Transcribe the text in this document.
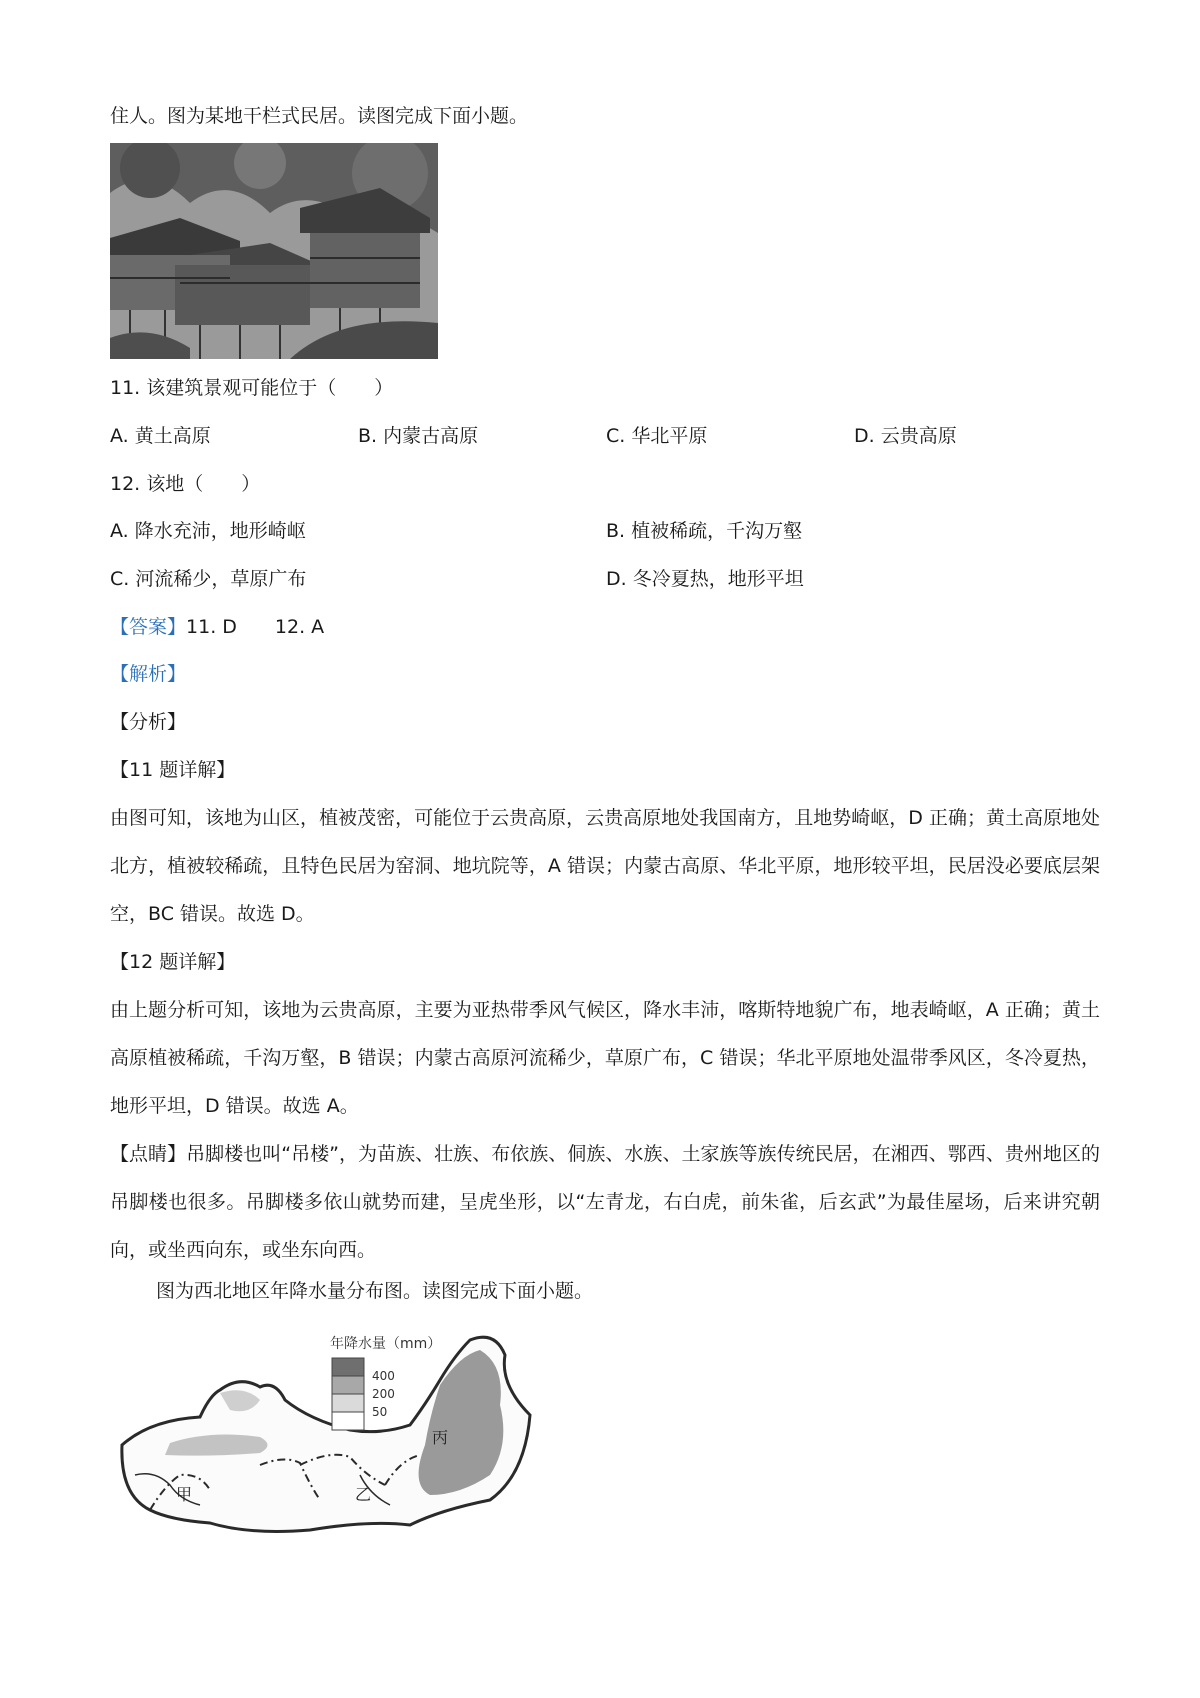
住人。图为某地干栏式民居。读图完成下面小题。
11. 该建筑景观可能位于（　　）
A. 黄土高原	B. 内蒙古高原	C. 华北平原	D. 云贵高原
12. 该地（　　）
A. 降水充沛，地形崎岖	B. 植被稀疏，千沟万壑
C. 河流稀少，草原广布	D. 冬冷夏热，地形平坦
【答案】11. D　　12. A
【解析】
【分析】
【11 题详解】
由图可知，该地为山区，植被茂密，可能位于云贵高原，云贵高原地处我国南方，且地势崎岖，D 正确；黄土高原地处北方，植被较稀疏，且特色民居为窑洞、地坑院等，A 错误；内蒙古高原、华北平原，地形较平坦，民居没必要底层架空，BC 错误。故选 D。
【12 题详解】
由上题分析可知，该地为云贵高原，主要为亚热带季风气候区，降水丰沛，喀斯特地貌广布，地表崎岖，A 正确；黄土高原植被稀疏，千沟万壑，B 错误；内蒙古高原河流稀少，草原广布，C 错误；华北平原地处温带季风区，冬冷夏热，地形平坦，D 错误。故选 A。
【点睛】吊脚楼也叫“吊楼”，为苗族、壮族、布依族、侗族、水族、土家族等族传统民居，在湘西、鄂西、贵州地区的吊脚楼也很多。吊脚楼多依山就势而建，呈虎坐形，以“左青龙，右白虎，前朱雀，后玄武”为最佳屋场，后来讲究朝向，或坐西向东，或坐东向西。
图为西北地区年降水量分布图。读图完成下面小题。
年降水量（mm）
400
200
50
甲	乙
丙
